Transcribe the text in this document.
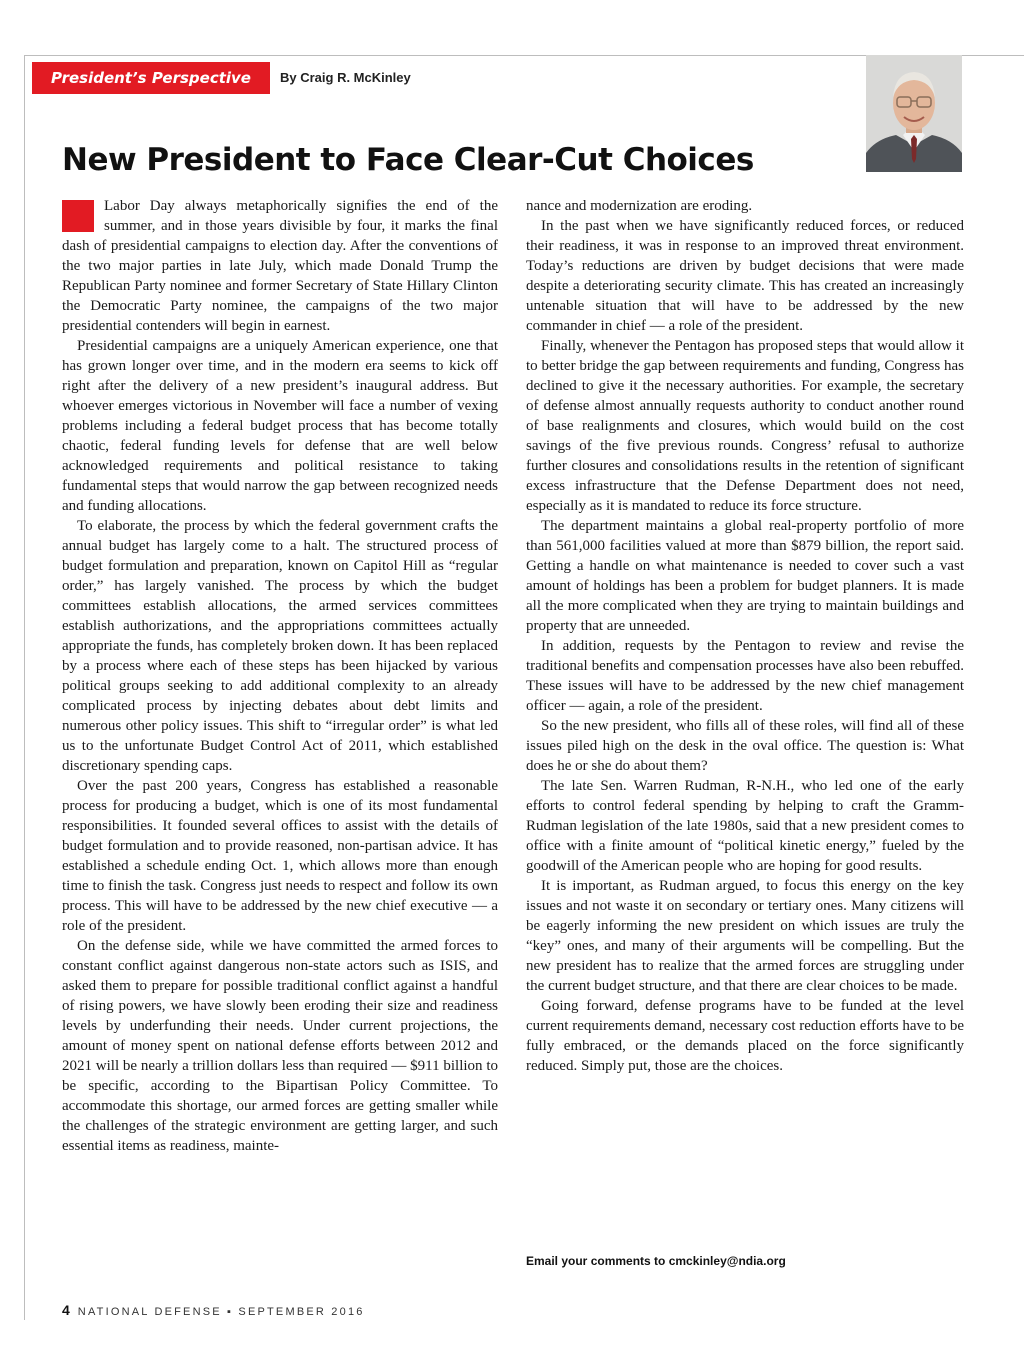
President’s Perspective	By Craig R. McKinley
New President to Face Clear-Cut Choices

Labor Day always metaphorically signifies the end of the summer, and in those years divisible by four, it marks the final dash of presidential campaigns to election day. After the conventions of the two major parties in late July, which made Donald Trump the Republican Party nominee and former Secretary of State Hillary Clinton the Democratic Party nominee, the campaigns of the two major presidential contenders will begin in earnest.

Presidential campaigns are a uniquely American experience, one that has grown longer over time, and in the modern era seems to kick off right after the delivery of a new president’s inaugural address. But whoever emerges victorious in November will face a number of vexing problems including a federal budget process that has become totally chaotic, federal funding levels for defense that are well below acknowledged requirements and political resistance to taking fundamental steps that would narrow the gap between recognized needs and funding allocations.

To elaborate, the process by which the federal government crafts the annual budget has largely come to a halt. The structured process of budget formulation and preparation, known on Capitol Hill as “regular order,” has largely vanished. The process by which the budget committees establish allocations, the armed services committees establish authorizations, and the appropriations committees actually appropriate the funds, has completely broken down. It has been replaced by a process where each of these steps has been hijacked by various political groups seeking to add additional complexity to an already complicated process by injecting debates about debt limits and numerous other policy issues. This shift to “irregular order” is what led us to the unfortunate Budget Control Act of 2011, which established discretionary spending caps.

Over the past 200 years, Congress has established a reasonable process for producing a budget, which is one of its most fundamental responsibilities. It founded several offices to assist with the details of budget formulation and to provide reasoned, non-partisan advice. It has established a schedule ending Oct. 1, which allows more than enough time to finish the task. Congress just needs to respect and follow its own process. This will have to be addressed by the new chief executive — a role of the president.

On the defense side, while we have committed the armed forces to constant conflict against dangerous non-state actors such as ISIS, and asked them to prepare for possible traditional conflict against a handful of rising powers, we have slowly been eroding their size and readiness levels by underfunding their needs. Under current projections, the amount of money spent on national defense efforts between 2012 and 2021 will be nearly a trillion dollars less than required — $911 billion to be specific, according to the Bipartisan Policy Committee. To accommodate this shortage, our armed forces are getting smaller while the challenges of the strategic environment are getting larger, and such essential items as readiness, mainte-

nance and modernization are eroding.

In the past when we have significantly reduced forces, or reduced their readiness, it was in response to an improved threat environment. Today’s reductions are driven by budget decisions that were made despite a deteriorating security climate. This has created an increasingly untenable situation that will have to be addressed by the new commander in chief — a role of the president.

Finally, whenever the Pentagon has proposed steps that would allow it to better bridge the gap between requirements and funding, Congress has declined to give it the necessary authorities. For example, the secretary of defense almost annually requests authority to conduct another round of base realignments and closures, which would build on the cost savings of the five previous rounds. Congress’ refusal to authorize further closures and consolidations results in the retention of significant excess infrastructure that the Defense Department does not need, especially as it is mandated to reduce its force structure.

The department maintains a global real-property portfolio of more than 561,000 facilities valued at more than $879 billion, the report said. Getting a handle on what maintenance is needed to cover such a vast amount of holdings has been a problem for budget planners. It is made all the more complicated when they are trying to maintain buildings and property that are unneeded.

In addition, requests by the Pentagon to review and revise the traditional benefits and compensation processes have also been rebuffed. These issues will have to be addressed by the new chief management officer — again, a role of the president.

So the new president, who fills all of these roles, will find all of these issues piled high on the desk in the oval office. The question is: What does he or she do about them?

The late Sen. Warren Rudman, R-N.H., who led one of the early efforts to control federal spending by helping to craft the Gramm-Rudman legislation of the late 1980s, said that a new president comes to office with a finite amount of “political kinetic energy,” fueled by the goodwill of the American people who are hoping for good results.

It is important, as Rudman argued, to focus this energy on the key issues and not waste it on secondary or tertiary ones. Many citizens will be eagerly informing the new president on which issues are truly the “key” ones, and many of their arguments will be compelling. But the new president has to realize that the armed forces are struggling under the current budget structure, and that there are clear choices to be made.

Going forward, defense programs have to be funded at the level current requirements demand, necessary cost reduction efforts have to be fully embraced, or the demands placed on the force significantly reduced. Simply put, those are the choices.

Email your comments to cmckinley@ndia.org
4 NATIONAL DEFENSE ▪ SEPTEMBER 2016
